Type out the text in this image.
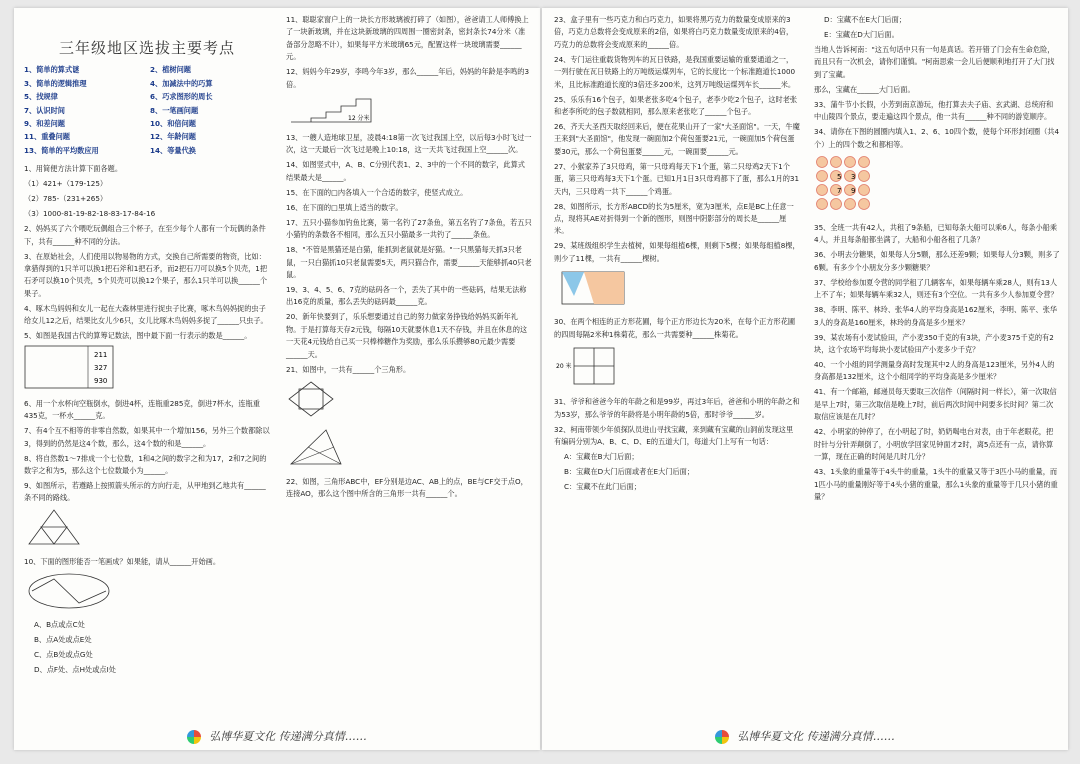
三年级地区选拔主要考点
1、简单的算式谜	2、植树问题
3、简单的逻辑推理	4、加减法中的巧算
5、找规律	6、巧求图形的周长
7、认识时间	8、一笔画问题
9、和差问题	10、和倍问题
11、重叠问题	12、年龄问题
13、简单的平均数应用	14、等量代换

1、用简便方法计算下面各题。

（1）421+（179-125）

（2）785-（231+265）

（3）1000-81-19-82-18-83-17-84-16

2、妈妈买了六个喂吃玩偶组合三个杯子，在至少每个人都有一个玩偶的条件下，共有______种不同的分法。

3、在原始社会，人们使用以物易物的方式，交换自己所需要的物资，比如：拿猎得到的1只羊可以换1把石斧和1把石矛，而2把石刀可以换5个贝壳，1把石矛可以换10个贝壳，5个贝壳可以换12个果子，那么1只羊可以换______个果子。

4、啄木鸟妈妈和女儿一起在大森林里进行捉虫子比赛，啄木鸟妈妈捉的虫子给女儿12之后，结果比女儿少6只，女儿比啄木鸟妈妈多捉了______只虫子。

5、如图是我国古代的算筹记数法，图中最下面一行表示的数是______。

211
327
930

6、用一个水杯向空瓶倒水，倒进4杯，连瓶重285克，倒进7杯水，连瓶重435克，一杯水______克。

7、有4个互不相等的非零自然数，如果其中一个增加156，另外三个数都除以3，得到的仍然是这4个数，那么，这4个数的和是______。

8、将自然数1～7排成一个七位数，1和4之间的数字之和为17，2和7之间的数字之和为5，那么这个七位数最小为______。

9、如图所示，若遵路上按照箭头所示的方向行走，从甲地到乙地共有______条不同的路线。

10、下面的图形能否一笔画成？如果能，请从______开始画。

A、B点或点C处

B、点A处或点E处

C、点B处或点G处

D、点F处、点H处或点I处

11、聪聪家窗户上的一块长方形玻璃被打碎了（如图），爸爸请工人师傅换上了一块新玻璃，并在这块新玻璃的四周围一圈密封条，密封条长74分米（准备部分忽略不计），如果每平方米玻璃65元，配置这样一块玻璃需要______元。

12、妈妈今年29岁，李鸣今年3岁，那么______年后，妈妈的年龄是李鸣的3倍。

12 分米

13、一艘人造地球卫星，凌晨4:18第一次飞过我国上空，以后每3小时飞过一次，这一天最后一次飞过是晚上10:18，这一天共飞过我国上空______次。

14、如图竖式中，A、B、C分别代表1、2、3中的一个不同的数字，此算式结果最大是______。

15、在下面的□内各填入一个合适的数字，使竖式成立。

16、在下面的□里填上适当的数字。

17、五只小猫参加钓鱼比赛，第一名钓了27条鱼，第五名钓了7条鱼，若五只小猫钓的条数各不相同，那么五只小猫最多一共钓了______条鱼。

18、"不管是黑猫还是白猫，能抓到老鼠就是好猫。"一只黑猫每天抓3只老鼠，一只白猫抓10只老鼠需要5天，两只猫合作，需要______天能够抓40只老鼠。

19、3、4、5、6、7克的砝码各一个，丢失了其中的一些砝码，结果无法称出16克的质量，那么丢失的砝码最______克。

20、新年快要到了，乐乐想要通过自己的努力做家务挣钱给妈妈买新年礼物。于是打算每天存2元钱，每隔10天就要休息1天不存钱，并且在休息的这一天花4元钱给自己买一只棒棒糖作为奖励，那么乐乐攒够80元最少需要______天。

21、如图中，一共有______个三角形。

22、如图，三角形ABC中，EF分别是边AC、AB上的点，BE与CF交于点O，连接AO，那么这个图中所含的三角形一共有______个。

弘博华夏文化 传递满分真情……

23、盒子里有一些巧克力和白巧克力，如果将黑巧克力的数量变成原来的3倍，巧克力总数将会变成原来的2倍，如果将白巧克力数量变成原来的4倍，巧克力的总数将会变成原来的______倍。

24、专门运往重载货物列车的瓦日铁路，是我国重要运输的重要通道之一，一列行驶在瓦日铁路上的万吨级运煤列车，它的长度比一个标准跑道长1000米，且比标准跑道长度的3倍还多200米，这列万吨级运煤列车长______米。

25、乐乐有16个包子，如果老张多吃4个包子，老李少吃2个包子，这时老张和老李所吃的包子数就相同，那么原来老张吃了______个包子。

26、齐天大圣西天取经回来后，便在花果山开了一家"大圣面馆"。一天，牛魔王来到"大圣面馆"，他发现一碗面加2个荷包蛋要21元，一碗面加5个荷包蛋要30元，那么一个荷包蛋要______元，一碗面要______元。

27、小猴家养了3只母鸡，第一只母鸡每天下1个蛋，第二只母鸡2天下1个蛋，第三只母鸡每3天下1个蛋。已知1月1日3只母鸡都下了蛋，那么1月的31天内，三只母鸡一共下______个鸡蛋。

28、如图所示，长方形ABCD的长为5厘米，宽为3厘米，点E是BC上任意一点，现将其AE对折得到一个新的图形，则图中阴影部分的周长是______厘米。

29、某班级组织学生去植树，如果每组植6棵，则剩下5棵；如果每组植8棵，则少了11棵，一共有______棵树。

30、在两个相连的正方形花圃，每个正方形边长为20米，在每个正方形花圃的四周每隔2米种1株菊花，那么一共需要种______株菊花。

20 米

31、爷爷和爸爸今年的年龄之和是99岁，再过3年后，爸爸和小明的年龄之和为53岁，那么爷爷的年龄将是小明年龄的5倍，那时爷爷______岁。

32、柯南带领少年侦探队员进山寻找宝藏，来到藏有宝藏的山洞前发现这里有编码分别为A、B、C、D、E的五道大门，每道大门上写有一句话：

A：宝藏在B大门后面；

B：宝藏在D大门后面或者在E大门后面；

C：宝藏不在此门后面；

D：宝藏不在E大门后面；

E：宝藏在D大门后面。

当地人告诉柯南："这五句话中只有一句是真话。若开错了门会有生命危险，而且只有一次机会，请你们谨慎。"柯南思索一会儿后便顺利地打开了大门找到了宝藏。

那么，宝藏在______大门后面。

33、蒲牛节小长假，小芳到南京游玩，他打算去夫子庙、玄武湖、总统府和中山陵四个景点，要走遍这四个景点，他一共有______种不同的游览顺序。

34、请你在下图的圆圈内填入1、2、6、10四个数，使每个环形封闭圈（共4个）上的四个数之和都相等。

5 3
7 9

35、全班一共有42人，共租了9条船，已知每条大船可以乘6人，每条小船乘4人，并且每条船都坐满了，大船和小船各租了几条？

36、小明去分糖果，如果每人分5颗，那么还差9颗；如果每人分3颗，则多了6颗。有多少个小朋友分多少颗糖果？

37、学校给参加夏令营的同学租了几辆客车，如果每辆车乘28人，则有13人上不了车；如果每辆车乘32人，则还有3个空位。一共有多少人参加夏令营？

38、李明、陈平、林玲、张华4人的平均身高是162厘米，李明、陈平、张华3人的身高是160厘米，林玲的身高是多少厘米？

39、某农场有小麦试验田，产小麦350千克的有3块，产小麦375千克的有2块，这个农场平均每块小麦试验田产小麦多少千克？

40、一个小组的同学测量身高时发现其中2人的身高是123厘米，另外4人的身高都是132厘米，这个小组同学的平均身高是多少厘米？

41、有一个邮箱，邮递员每天要取三次信件（间隔时间一样长），第一次取信是早上7时，第三次取信是晚上7时，前后两次时间中间要多长时间？第二次取信应该是在几时？

42、小明家的钟停了，在小明起了时，奶奶喝电台对表，由于年老眼花，把时针与分针弄颠倒了，小明放学回家见钟面才2时，离5点还有一点，请你算一算，现在正确的时间是几时几分？

43、1头象的重量等于4头牛的重量，1头牛的重量又等于3匹小马的重量，而1匹小马的重量刚好等于4头小猪的重量，那么1头象的重量等于几只小猪的重量？

弘博华夏文化 传递满分真情……
